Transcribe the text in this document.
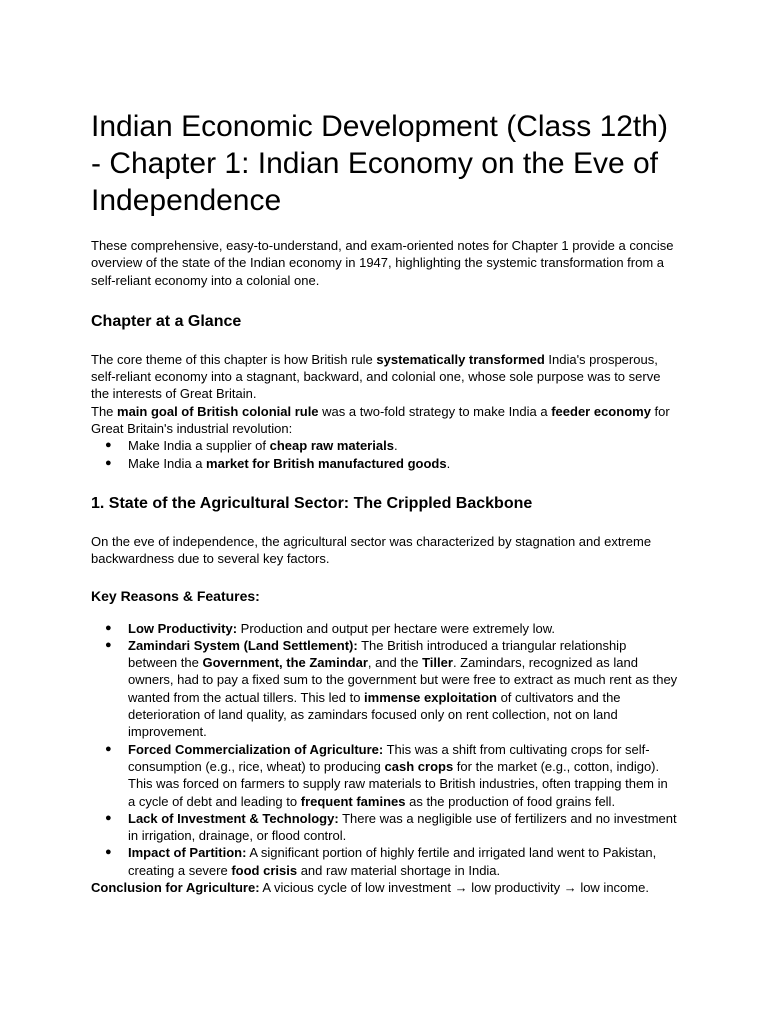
Indian Economic Development (Class 12th) - Chapter 1: Indian Economy on the Eve of Independence

These comprehensive, easy-to-understand, and exam-oriented notes for Chapter 1 provide a concise overview of the state of the Indian economy in 1947, highlighting the systemic transformation from a self-reliant economy into a colonial one.

Chapter at a Glance

The core theme of this chapter is how British rule systematically transformed India's prosperous, self-reliant economy into a stagnant, backward, and colonial one, whose sole purpose was to serve the interests of Great Britain.

The main goal of British colonial rule was a two-fold strategy to make India a feeder economy for Great Britain's industrial revolution:

● Make India a supplier of cheap raw materials.
● Make India a market for British manufactured goods.
1. State of the Agricultural Sector: The Crippled Backbone

On the eve of independence, the agricultural sector was characterized by stagnation and extreme backwardness due to several key factors.

Key Reasons & Features:
● Low Productivity: Production and output per hectare were extremely low.
● Zamindari System (Land Settlement): The British introduced a triangular relationship between the Government, the Zamindar, and the Tiller. Zamindars, recognized as land owners, had to pay a fixed sum to the government but were free to extract as much rent as they wanted from the actual tillers. This led to immense exploitation of cultivators and the deterioration of land quality, as zamindars focused only on rent collection, not on land improvement.
● Forced Commercialization of Agriculture: This was a shift from cultivating crops for self-consumption (e.g., rice, wheat) to producing cash crops for the market (e.g., cotton, indigo). This was forced on farmers to supply raw materials to British industries, often trapping them in a cycle of debt and leading to frequent famines as the production of food grains fell.
● Lack of Investment & Technology: There was a negligible use of fertilizers and no investment in irrigation, drainage, or flood control.
● Impact of Partition: A significant portion of highly fertile and irrigated land went to Pakistan, creating a severe food crisis and raw material shortage in India.

Conclusion for Agriculture: A vicious cycle of low investment → low productivity → low income.
